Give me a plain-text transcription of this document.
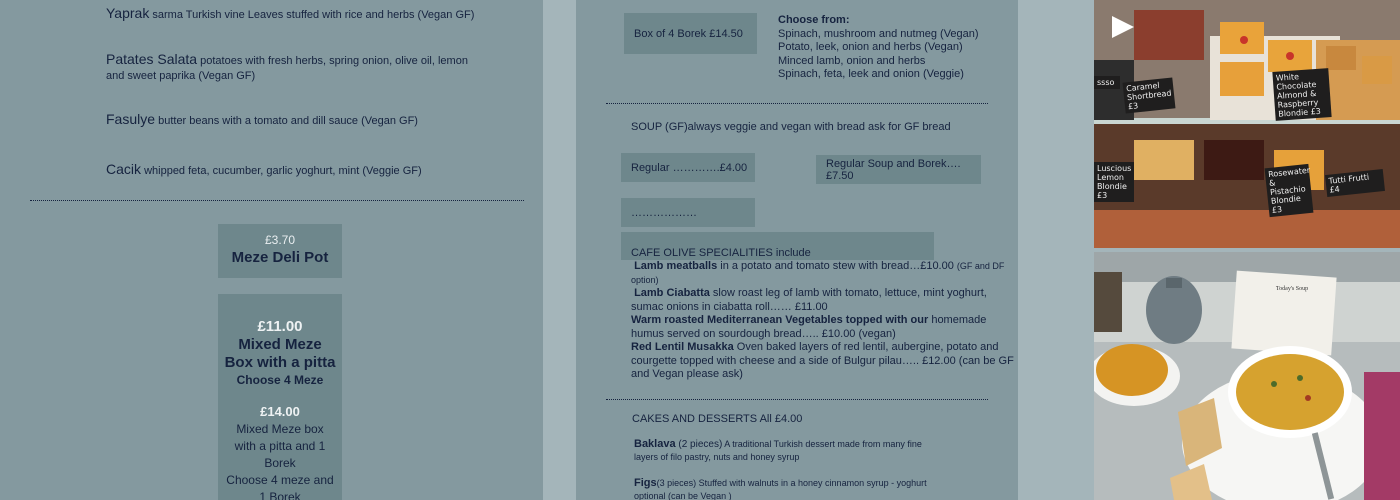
Yaprak sarma Turkish vine Leaves stuffed with rice and herbs (Vegan GF)
Patates Salata potatoes with fresh herbs, spring onion, olive oil, lemon and sweet paprika (Vegan GF)
Fasulye butter beans with a tomato and dill sauce (Vegan GF)
Cacik whipped feta, cucumber, garlic yoghurt, mint (Veggie GF)
£3.70
Meze Deli Pot
£11.00
Mixed Meze
Box with a pitta
Choose 4 Meze
£14.00
Mixed Meze box
with a pitta and 1
Borek
Choose 4 meze and
1 Borek
Box of 4 Borek £14.50
Choose from:
Spinach, mushroom and nutmeg (Vegan)
Potato, leek, onion and herbs (Vegan)
Minced lamb, onion and herbs
Spinach, feta, leek and onion (Veggie)
SOUP (GF)always veggie and vegan with bread ask for GF bread
Regular ………….£4.00	Regular Soup and Borek….£7.50
………………
CAFE OLIVE SPECIALITIES include
Lamb meatballs in a potato and tomato stew with bread…£10.00 (GF and DF option)
Lamb Ciabatta slow roast leg of lamb with tomato, lettuce, mint yoghurt, sumac onions in ciabatta roll…… £11.00
Warm roasted Mediterranean Vegetables topped with our homemade humus served on sourdough bread….. £10.00 (vegan)
Red Lentil Musakka Oven baked layers of red lentil, aubergine, potato and courgette topped with cheese and a side of Bulgur pilau….. £12.00 (can be GF and Vegan please ask)
CAKES AND DESSERTS All £4.00
Baklava (2 pieces) A traditional Turkish dessert made from many fine layers of filo pastry, nuts and honey syrup
Figs(3 pieces) Stuffed with walnuts in a honey cinnamon syrup - yoghurt optional (can be Vegan )
Caramel Shortbread £3
White Chocolate Almond & Raspberry Blondie £3
Luscious Lemon Blondie £3
Rosewater & Pistachio Blondie £3
Tutti Frutti £4
ssso
Today's Soup
